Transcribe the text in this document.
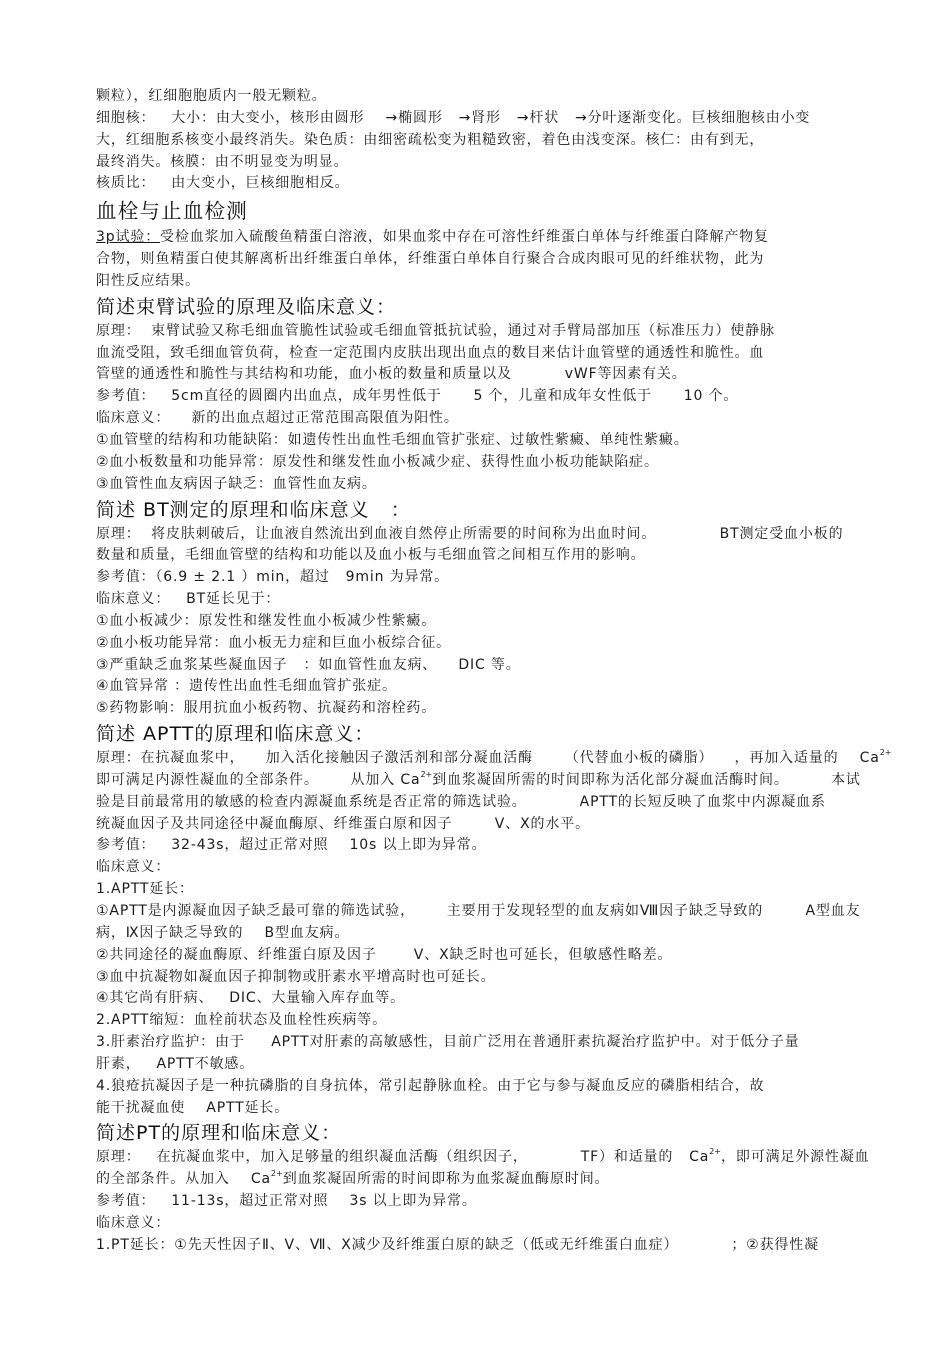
颗粒），红细胞胞质内一般无颗粒。
细胞核：   大小：由大变小，核形由圆形    →椭圆形   →肾形   →杆状   →分叶逐渐变化。巨核细胞核由小变
大，红细胞系核变小最终消失。染色质：由细密疏松变为粗糙致密，着色由浅变深。核仁：由有到无，
最终消失。核膜：由不明显变为明显。
核质比：   由大变小，巨核细胞相反。
血栓与止血检测
3p试验：受检血浆加入硫酸鱼精蛋白溶液，如果血浆中存在可溶性纤维蛋白单体与纤维蛋白降解产物复
合物，则鱼精蛋白使其解离析出纤维蛋白单体，纤维蛋白单体自行聚合合成肉眼可见的纤维状物，此为
阳性反应结果。
简述束臂试验的原理及临床意义：
原理：  束臂试验又称毛细血管脆性试验或毛细血管抵抗试验，通过对手臂局部加压（标准压力）使静脉
血流受阻，致毛细血管负荷，检查一定范围内皮肤出现出血点的数目来估计血管壁的通透性和脆性。血
管壁的通透性和脆性与其结构和功能，血小板的数量和质量以及          vWF等因素有关。
参考值：   5cm直径的圆圈内出血点，成年男性低于      5 个，儿童和成年女性低于      10 个。
临床意义：    新的出血点超过正常范围高限值为阳性。
①血管壁的结构和功能缺陷：如遗传性出血性毛细血管扩张症、过敏性紫癜、单纯性紫癜。
②血小板数量和功能异常：原发性和继发性血小板减少症、获得性血小板功能缺陷症。
③血管性血友病因子缺乏：血管性血友病。
简述 BT测定的原理和临床意义   ：
原理：  将皮肤刺破后，让血液自然流出到血液自然停止所需要的时间称为出血时间。            BT测定受血小板的
数量和质量，毛细血管壁的结构和功能以及血小板与毛细血管之间相互作用的影响。
参考值：（6.9 ± 2.1 ）min，超过   9min 为异常。
临床意义：   BT延长见于：
①血小板减少：原发性和继发性血小板减少性紫癜。
②血小板功能异常：血小板无力症和巨血小板综合征。
③严重缺乏血浆某些凝血因子   ：如血管性血友病、    DIC 等。
④血管异常 ：遗传性出血性毛细血管扩张症。
⑤药物影响：服用抗血小板药物、抗凝药和溶栓药。
简述 APTT的原理和临床意义：
原理：在抗凝血浆中，    加入活化接触因子激活剂和部分凝血活酶      （代替血小板的磷脂）    ，再加入适量的    $Ca^{2+}$
即可满足内源性凝血的全部条件。      从加入 $Ca^{2+}$到血浆凝固所需的时间即称为活化部分凝血活酶时间。        本试
验是目前最常用的敏感的检查内源凝血系统是否正常的筛选试验。          APTT的长短反映了血浆中内源凝血系
统凝血因子及共同途径中凝血酶原、纤维蛋白原和因子        V、X的水平。
参考值：   32-43s，超过正常对照    10s 以上即为异常。
临床意义：
1.APTT延长：
①APTT是内源凝血因子缺乏最可靠的筛选试验，      主要用于发现轻型的血友病如Ⅷ因子缺乏导致的        A型血友
病，Ⅸ因子缺乏导致的    B型血友病。
②共同途径的凝血酶原、纤维蛋白原及因子       V、X缺乏时也可延长，但敏感性略差。
③血中抗凝物如凝血因子抑制物或肝素水平增高时也可延长。
④其它尚有肝病、   DIC、大量输入库存血等。
2.APTT缩短：血栓前状态及血栓性疾病等。
3.肝素治疗监护：由于     APTT对肝素的高敏感性，目前广泛用在普通肝素抗凝治疗监护中。对于低分子量
肝素，   APTT不敏感。
4.狼疮抗凝因子是一种抗磷脂的自身抗体，常引起静脉血栓。由于它与参与凝血反应的磷脂相结合，故
能干扰凝血使    APTT延长。
简述PT的原理和临床意义：
原理：   在抗凝血浆中，加入足够量的组织凝血活酶（组织因子，          TF）和适量的   $Ca^{2+}$，即可满足外源性凝血
的全部条件。从加入    $Ca^{2+}$到血浆凝固所需的时间即称为血浆凝血酶原时间。
参考值：   11-13s，超过正常对照    3s 以上即为异常。
临床意义：
1.PT延长：①先天性因子Ⅱ、Ⅴ、Ⅶ、Ⅹ减少及纤维蛋白原的缺乏（低或无纤维蛋白血症）          ；②获得性凝
